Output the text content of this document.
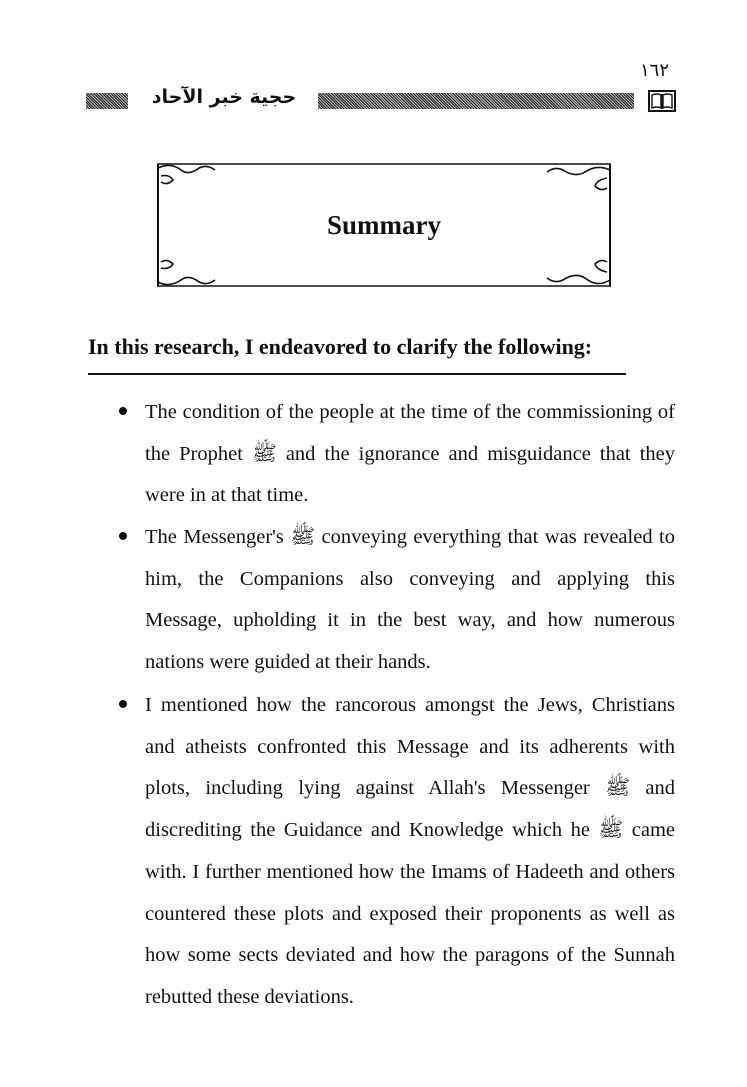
١٦٢
حجية خبر الآحاد
Summary
In this research, I endeavored to clarify the following:
The condition of the people at the time of the commissioning of the Prophet ﷺ and the ignorance and misguidance that they were in at that time.
The Messenger's ﷺ conveying everything that was revealed to him, the Companions also conveying and applying this Message, upholding it in the best way, and how numerous nations were guided at their hands.
I mentioned how the rancorous amongst the Jews, Christians and atheists confronted this Message and its adherents with plots, including lying against Allah's Messenger ﷺ and discrediting the Guidance and Knowledge which he ﷺ came with. I further mentioned how the Imams of Hadeeth and others countered these plots and exposed their proponents as well as how some sects deviated and how the paragons of the Sunnah rebutted these deviations.
